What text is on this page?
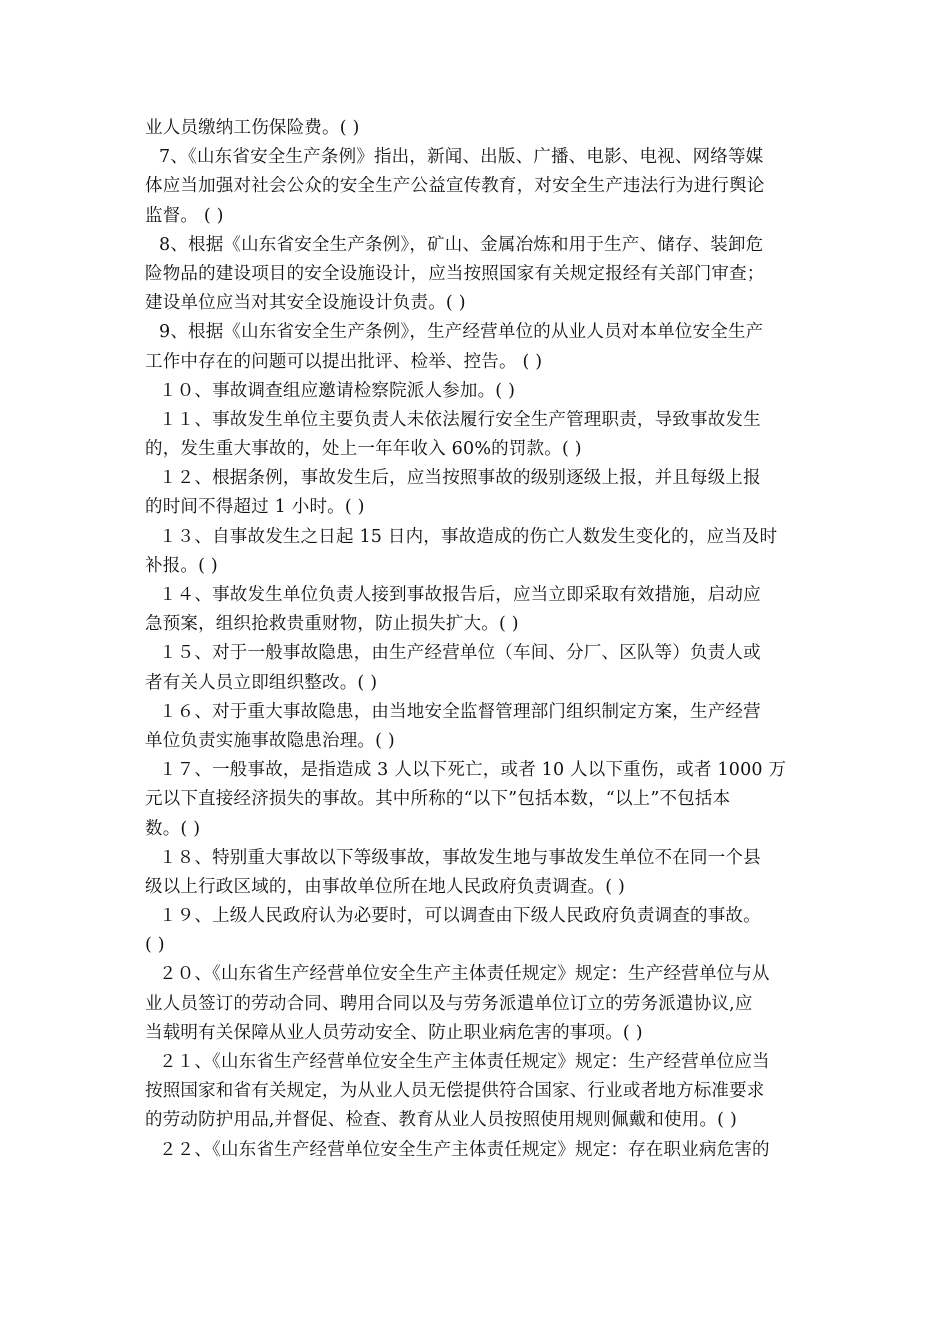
业人员缴纳工伤保险费。( )
7、《山东省安全生产条例》指出，新闻、出版、广播、电影、电视、网络等媒
体应当加强对社会公众的安全生产公益宣传教育，对安全生产违法行为进行舆论
监督。 ( )
8、根据《山东省安全生产条例》，矿山、金属冶炼和用于生产、储存、装卸危
险物品的建设项目的安全设施设计，应当按照国家有关规定报经有关部门审查；
建设单位应当对其安全设施设计负责。( )
9、根据《山东省安全生产条例》，生产经营单位的从业人员对本单位安全生产
工作中存在的问题可以提出批评、检举、控告。 ( )
１０、事故调查组应邀请检察院派人参加。( )
１１、事故发生单位主要负责人未依法履行安全生产管理职责，导致事故发生
的，发生重大事故的，处上一年年收入 60%的罚款。( )
１２、根据条例，事故发生后，应当按照事故的级别逐级上报，并且每级上报
的时间不得超过 1 小时。( )
１３、自事故发生之日起 15 日内，事故造成的伤亡人数发生变化的，应当及时
补报。( )
１４、事故发生单位负责人接到事故报告后，应当立即采取有效措施，启动应
急预案，组织抢救贵重财物，防止损失扩大。( )
１５、对于一般事故隐患，由生产经营单位（车间、分厂、区队等）负责人或
者有关人员立即组织整改。( )
１６、对于重大事故隐患，由当地安全监督管理部门组织制定方案，生产经营
单位负责实施事故隐患治理。( )
１７、一般事故，是指造成 3 人以下死亡，或者 10 人以下重伤，或者 1000 万
元以下直接经济损失的事故。其中所称的“以下”包括本数，“以上”不包括本
数。( )
１８、特别重大事故以下等级事故，事故发生地与事故发生单位不在同一个县
级以上行政区域的，由事故单位所在地人民政府负责调查。( )
１９、上级人民政府认为必要时，可以调查由下级人民政府负责调查的事故。
( )
２０、《山东省生产经营单位安全生产主体责任规定》规定：生产经营单位与从
业人员签订的劳动合同、聘用合同以及与劳务派遣单位订立的劳务派遣协议,应
当载明有关保障从业人员劳动安全、防止职业病危害的事项。( )
２１、《山东省生产经营单位安全生产主体责任规定》规定：生产经营单位应当
按照国家和省有关规定，为从业人员无偿提供符合国家、行业或者地方标准要求
的劳动防护用品,并督促、检查、教育从业人员按照使用规则佩戴和使用。( )
２２、《山东省生产经营单位安全生产主体责任规定》规定：存在职业病危害的
